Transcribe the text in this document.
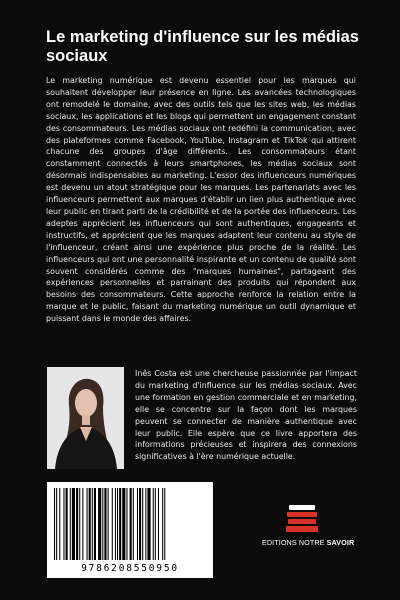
Le marketing d'influence sur les médias sociaux

Le marketing numérique est devenu essentiel pour les marques qui souhaitent développer leur présence en ligne. Les avancées technologiques ont remodelé le domaine, avec des outils tels que les sites web, les médias sociaux, les applications et les blogs qui permettent un engagement constant des consommateurs. Les médias sociaux ont redéfini la communication, avec des plateformes comme Facebook, YouTube, Instagram et TikTok qui attirent chacune des groupes d'âge différents. Les consommateurs étant constamment connectés à leurs smartphones, les médias sociaux sont désormais indispensables au marketing. L'essor des influenceurs numériques est devenu un atout stratégique pour les marques. Les partenariats avec les influenceurs permettent aux marques d'établir un lien plus authentique avec leur public en tirant parti de la crédibilité et de la portée des influenceurs. Les adeptes apprécient les influenceurs qui sont authentiques, engageants et instructifs, et apprécient que les marques adaptent leur contenu au style de l'influenceur, créant ainsi une expérience plus proche de la réalité. Les influenceurs qui ont une personnalité inspirante et un contenu de qualité sont souvent considérés comme des "marques humaines", partageant des expériences personnelles et parrainant des produits qui répondent aux besoins des consommateurs. Cette approche renforce la relation entre la marque et le public, faisant du marketing numérique un outil dynamique et puissant dans le monde des affaires.

Inês Costa est une chercheuse passionnée par l'impact du marketing d'influence sur les médias sociaux. Avec une formation en gestion commerciale et en marketing, elle se concentre sur la façon dont les marques peuvent se connecter de manière authentique avec leur public. Elle espère que ce livre apportera des informations précieuses et inspirera des connexions significatives à l'ère numérique actuelle.

9786208550950
EDITIONS NOTRE SAVOIR
